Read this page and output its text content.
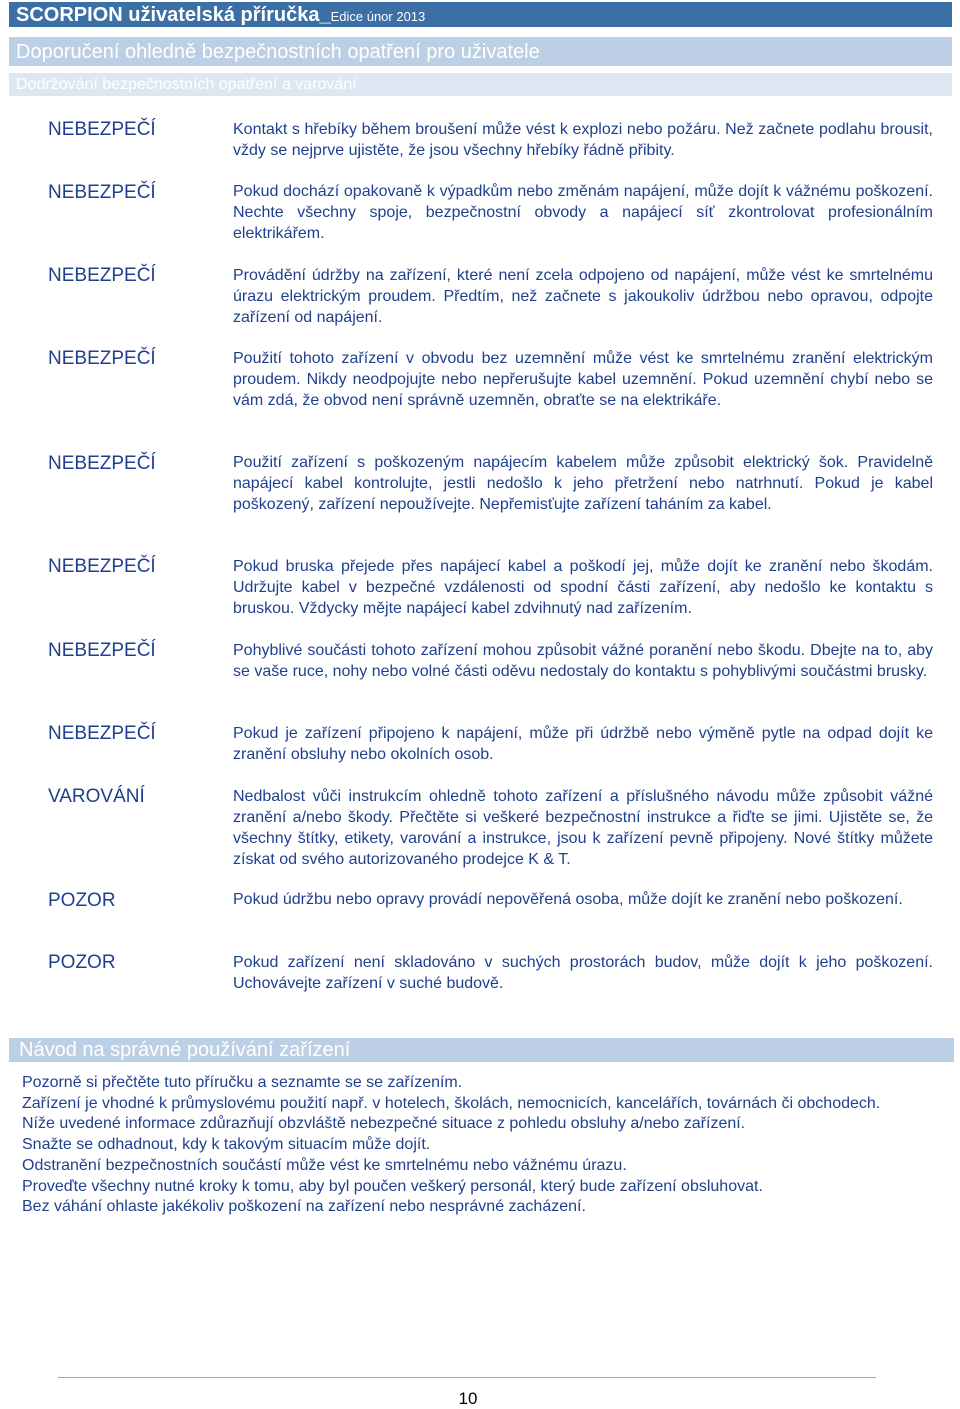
SCORPION uživatelská příručka_Edice únor 2013
Doporučení ohledně bezpečnostních opatření pro uživatele
Dodržování bezpečnostních opatření a varování
NEBEZPEČÍ	Kontakt s hřebíky během broušení může vést k explozi nebo požáru. Než začnete podlahu brousit, vždy se nejprve ujistěte, že jsou všechny hřebíky řádně přibity.
NEBEZPEČÍ	Pokud dochází opakovaně k výpadkům nebo změnám napájení, může dojít k vážnému poškození. Nechte všechny spoje, bezpečnostní obvody a napájecí síť zkontrolovat profesionálním elektrikářem.
NEBEZPEČÍ	Provádění údržby na zařízení, které není zcela odpojeno od napájení, může vést ke smrtelnému úrazu elektrickým proudem. Předtím, než začnete s jakoukoliv údržbou nebo opravou, odpojte zařízení od napájení.
NEBEZPEČÍ	Použití tohoto zařízení v obvodu bez uzemnění může vést ke smrtelnému zranění elektrickým proudem. Nikdy neodpojujte nebo nepřerušujte kabel uzemnění. Pokud uzemnění chybí nebo se vám zdá, že obvod není správně uzemněn, obraťte se na elektrikáře.
NEBEZPEČÍ	Použití zařízení s poškozeným napájecím kabelem může způsobit elektrický šok. Pravidelně napájecí kabel kontrolujte, jestli nedošlo k jeho přetržení nebo natrhnutí. Pokud je kabel poškozený, zařízení nepoužívejte. Nepřemisťujte zařízení taháním za kabel.
NEBEZPEČÍ	Pokud bruska přejede přes napájecí kabel a poškodí jej, může dojít ke zranění nebo škodám. Udržujte kabel v bezpečné vzdálenosti od spodní části zařízení, aby nedošlo ke kontaktu s bruskou. Vždycky mějte napájecí kabel zdvihnutý nad zařízením.
NEBEZPEČÍ	Pohyblivé součásti tohoto zařízení mohou způsobit vážné poranění nebo škodu. Dbejte na to, aby se vaše ruce, nohy nebo volné části oděvu nedostaly do kontaktu s pohyblivými součástmi brusky.
NEBEZPEČÍ	Pokud je zařízení připojeno k napájení, může při údržbě nebo výměně pytle na odpad dojít ke zranění obsluhy nebo okolních osob.
VAROVÁNÍ	Nedbalost vůči instrukcím ohledně tohoto zařízení a příslušného návodu může způsobit vážné zranění a/nebo škody. Přečtěte si veškeré bezpečnostní instrukce a řiďte se jimi. Ujistěte se, že všechny štítky, etikety, varování a instrukce, jsou k zařízení pevně připojeny. Nové štítky můžete získat od svého autorizovaného prodejce K & T.
POZOR	Pokud údržbu nebo opravy provádí nepověřená osoba, může dojít ke zranění nebo poškození.
POZOR	Pokud zařízení není skladováno v suchých prostorách budov, může dojít k jeho poškození. Uchovávejte zařízení v suché budově.
Návod na správné používání zařízení
Pozorně si přečtěte tuto příručku a seznamte se se zařízením.
Zařízení je vhodné k průmyslovému použití např. v hotelech, školách, nemocnicích, kancelářích, továrnách či obchodech.
Níže uvedené informace zdůrazňují obzvláště nebezpečné situace z pohledu obsluhy a/nebo zařízení.
Snažte se odhadnout, kdy k takovým situacím může dojít.
Odstranění bezpečnostních součástí může vést ke smrtelnému nebo vážnému úrazu.
Proveďte všechny nutné kroky k tomu, aby byl poučen veškerý personál, který bude zařízení obsluhovat.
Bez váhání ohlaste jakékoliv poškození na zařízení nebo nesprávné zacházení.
10
